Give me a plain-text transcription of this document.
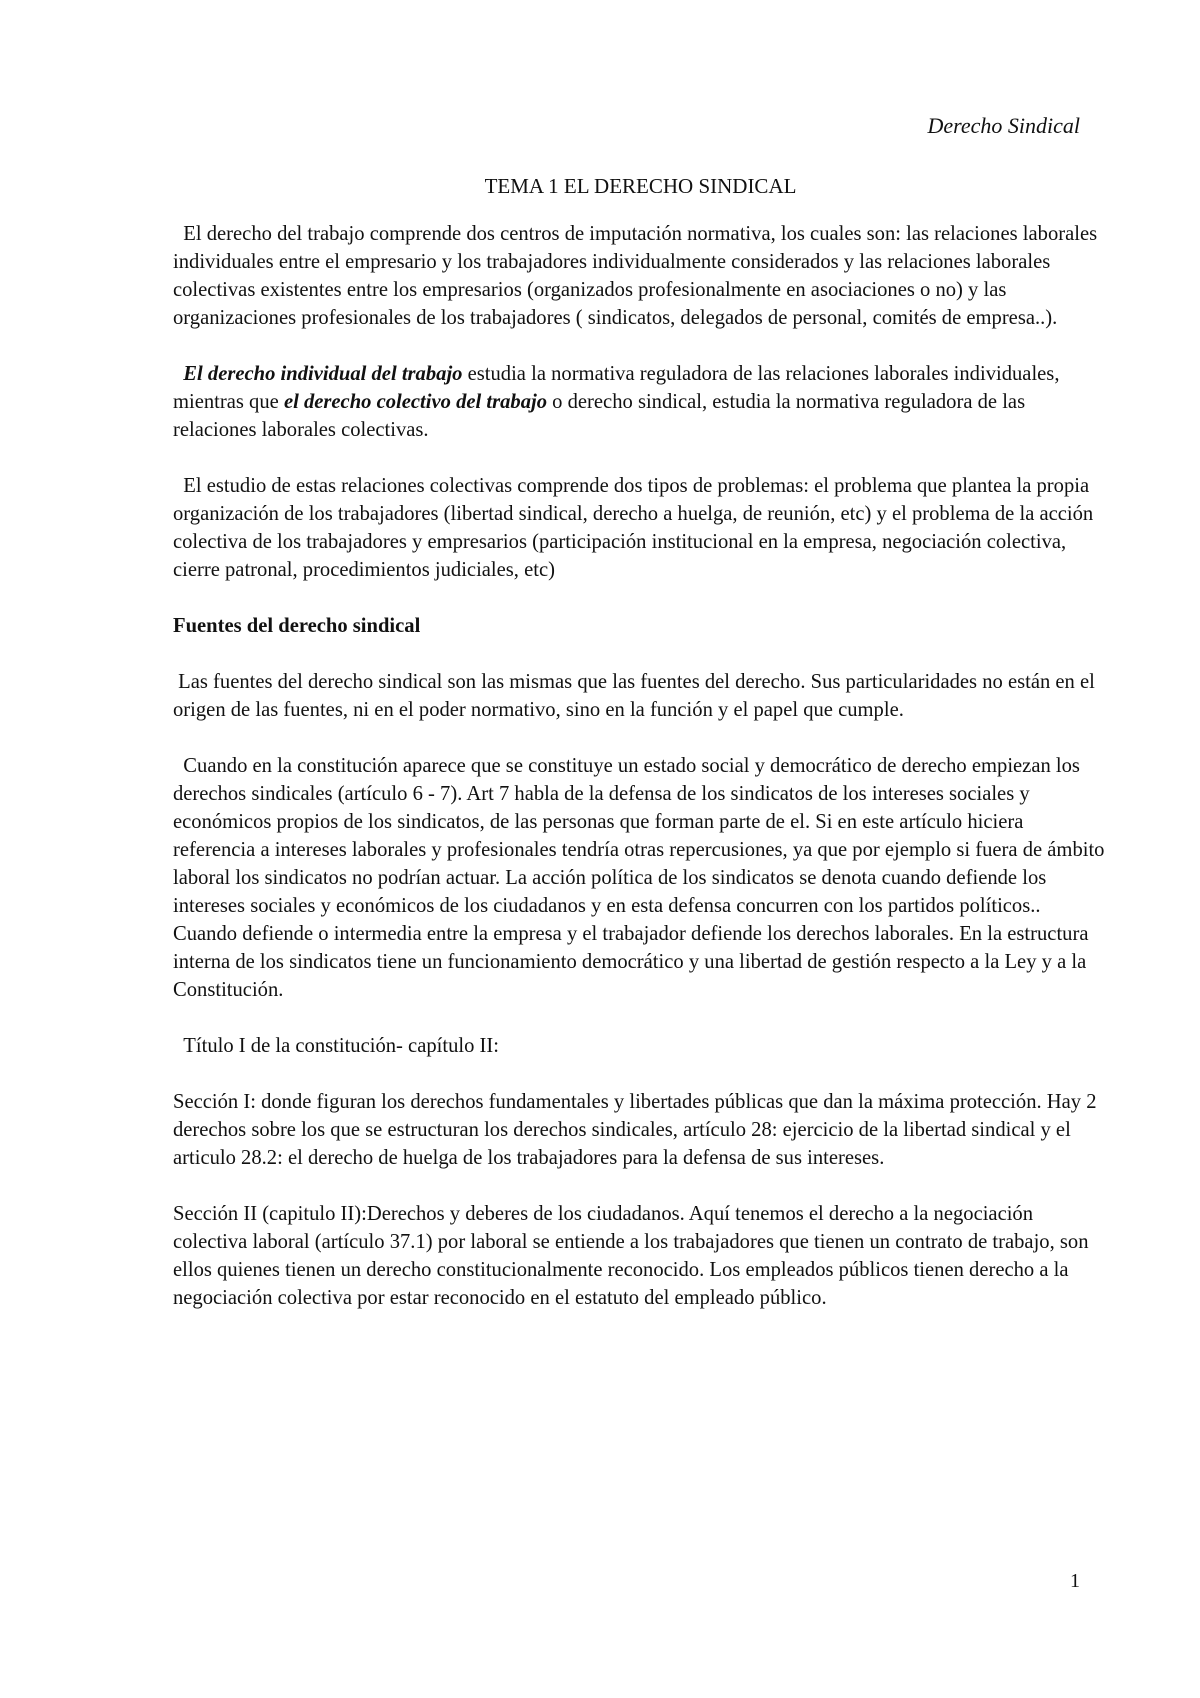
Derecho Sindical
TEMA 1 EL DERECHO SINDICAL

El derecho del trabajo comprende dos centros de imputación normativa, los cuales son: las relaciones laborales individuales entre el empresario y los trabajadores individualmente considerados y las relaciones laborales colectivas existentes entre los empresarios (organizados profesionalmente en asociaciones o no) y las organizaciones profesionales de los trabajadores ( sindicatos, delegados de personal, comités de empresa..).

El derecho individual del trabajo estudia la normativa reguladora de las relaciones laborales individuales, mientras que el derecho colectivo del trabajo o derecho sindical, estudia la normativa reguladora de las relaciones laborales colectivas.

El estudio de estas relaciones colectivas comprende dos tipos de problemas: el problema que plantea la propia organización de los trabajadores (libertad sindical, derecho a huelga, de reunión, etc) y el problema de la acción colectiva de los trabajadores y empresarios (participación institucional en la empresa, negociación colectiva, cierre patronal, procedimientos judiciales, etc)

Fuentes del derecho sindical

Las fuentes del derecho sindical son las mismas que las fuentes del derecho. Sus particularidades no están en el origen de las fuentes, ni en el poder normativo, sino en la función y el papel que cumple.

Cuando en la constitución aparece que se constituye un estado social y democrático de derecho empiezan los derechos sindicales (artículo 6 - 7). Art 7 habla de la defensa de los sindicatos de los intereses sociales y económicos propios de los sindicatos, de las personas que forman parte de el. Si en este artículo hiciera referencia a intereses laborales y profesionales tendría otras repercusiones, ya que por ejemplo si fuera de ámbito laboral los sindicatos no podrían actuar. La acción política de los sindicatos se denota cuando defiende los intereses sociales y económicos de los ciudadanos y en esta defensa concurren con los partidos políticos.. Cuando defiende o intermedia entre la empresa y el trabajador defiende los derechos laborales. En la estructura interna de los sindicatos tiene un funcionamiento democrático y una libertad de gestión respecto a la Ley y a la Constitución.

Título I de la constitución- capítulo II:

Sección I: donde figuran los derechos fundamentales y libertades públicas que dan la máxima protección. Hay 2 derechos sobre los que se estructuran los derechos sindicales, artículo 28: ejercicio de la libertad sindical y el articulo 28.2: el derecho de huelga de los trabajadores para la defensa de sus intereses.

Sección II (capitulo II):Derechos y deberes de los ciudadanos. Aquí tenemos el derecho a la negociación colectiva laboral (artículo 37.1) por laboral se entiende a los trabajadores que tienen un contrato de trabajo, son ellos quienes tienen un derecho constitucionalmente reconocido. Los empleados públicos tienen derecho a la negociación colectiva por estar reconocido en el estatuto del empleado público.

1
